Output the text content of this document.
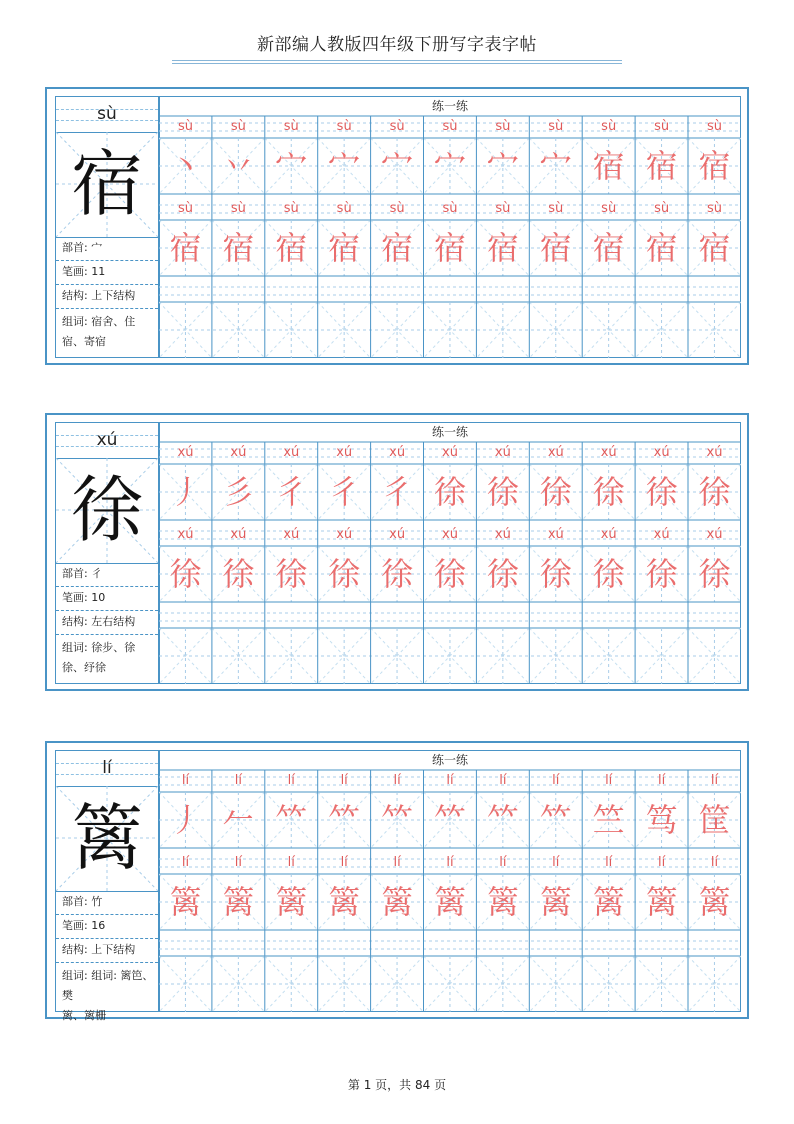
新部编人教版四年级下册写字表字帖
sù
宿
部首: 宀
笔画: 11
结构: 上下结构
组词: 宿舍、住
宿、寄宿
练一练
sù
丶
sù
丷
sù
宀
sù
宀
sù
宀
sù
宀
sù
宀
sù
宀
sù
宿
sù
宿
sù
宿
sù
宿
sù
宿
sù
宿
sù
宿
sù
宿
sù
宿
sù
宿
sù
宿
sù
宿
sù
宿
sù
宿
xú
徐
部首: 彳
笔画: 10
结构: 左右结构
组词: 徐步、徐
徐、纾徐
练一练
xú
丿
xú
彡
xú
彳
xú
彳
xú
彳
xú
徐
xú
徐
xú
徐
xú
徐
xú
徐
xú
徐
xú
徐
xú
徐
xú
徐
xú
徐
xú
徐
xú
徐
xú
徐
xú
徐
xú
徐
xú
徐
xú
徐
lí
篱
部首: 竹
笔画: 16
结构: 上下结构
组词: 组词: 篱笆、樊
篱、篱栅
练一练
lí
丿
lí
𠂉
lí
𥫗
lí
𥫗
lí
𥫗
lí
𥫗
lí
𥫗
lí
𥫗
lí
竺
lí
笃
lí
筐
lí
篱
lí
篱
lí
篱
lí
篱
lí
篱
lí
篱
lí
篱
lí
篱
lí
篱
lí
篱
lí
篱
第 1 页，共 84 页
